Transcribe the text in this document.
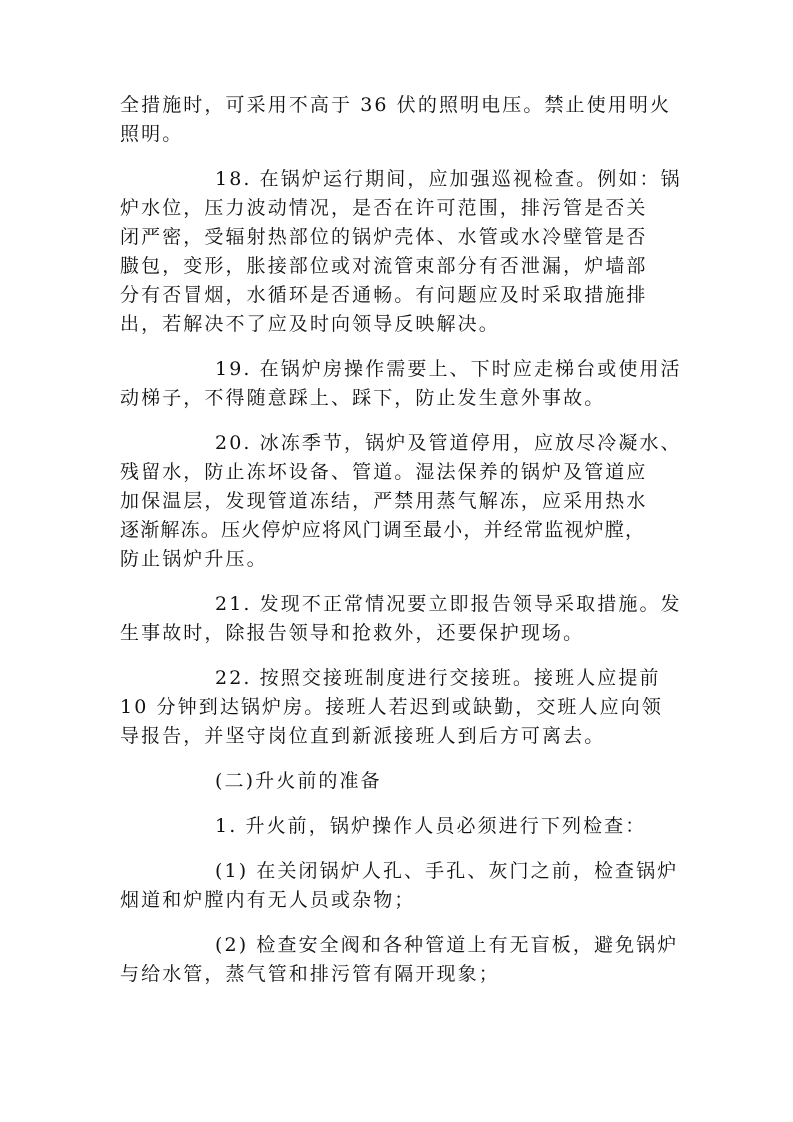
全措施时，可采用不高于 36 伏的照明电压。禁止使用明火
照明。

18. 在锅炉运行期间，应加强巡视检查。例如：锅
炉水位，压力波动情况，是否在许可范围，排污管是否关
闭严密，受辐射热部位的锅炉壳体、水管或水冷壁管是否
臌包，变形，胀接部位或对流管束部分有否泄漏，炉墙部
分有否冒烟，水循环是否通畅。有问题应及时采取措施排
出，若解决不了应及时向领导反映解决。

19. 在锅炉房操作需要上、下时应走梯台或使用活
动梯子，不得随意踩上、踩下，防止发生意外事故。

20. 冰冻季节，锅炉及管道停用，应放尽冷凝水、
残留水，防止冻坏设备、管道。湿法保养的锅炉及管道应
加保温层，发现管道冻结，严禁用蒸气解冻，应采用热水
逐渐解冻。压火停炉应将风门调至最小，并经常监视炉膛，
防止锅炉升压。

21. 发现不正常情况要立即报告领导采取措施。发
生事故时，除报告领导和抢救外，还要保护现场。

22. 按照交接班制度进行交接班。接班人应提前
10 分钟到达锅炉房。接班人若迟到或缺勤，交班人应向领
导报告，并坚守岗位直到新派接班人到后方可离去。

(二)升火前的准备

1. 升火前，锅炉操作人员必须进行下列检查：

(1) 在关闭锅炉人孔、手孔、灰门之前，检查锅炉
烟道和炉膛内有无人员或杂物；

(2) 检查安全阀和各种管道上有无盲板，避免锅炉
与给水管，蒸气管和排污管有隔开现象；
